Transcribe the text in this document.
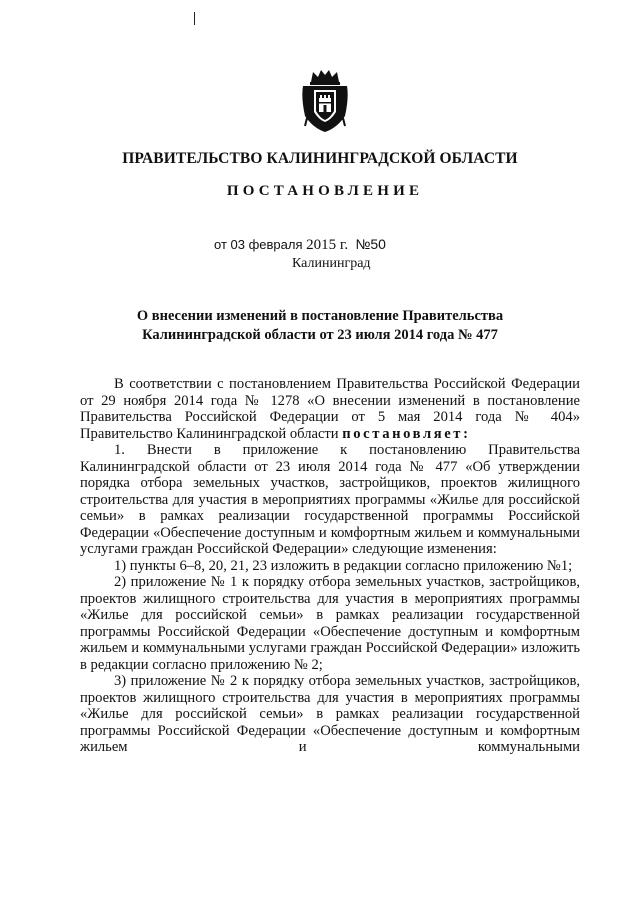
ПРАВИТЕЛЬСТВО КАЛИНИНГРАДСКОЙ ОБЛАСТИ
ПОСТАНОВЛЕНИЕ
от 03 февраля 2015 г. №50
Калининград
О внесении изменений в постановление Правительства
Калининградской области от 23 июля 2014 года № 477

В соответствии с постановлением Правительства Российской Федерации от 29 ноября 2014 года № 1278 «О внесении изменений в постановление Правительства Российской Федерации от 5 мая 2014 года № 404» Правительство Калининградской области постановляет:

1. Внести в приложение к постановлению Правительства Калининградской области от 23 июля 2014 года № 477 «Об утверждении порядка отбора земельных участков, застройщиков, проектов жилищного строительства для участия в мероприятиях программы «Жилье для российской семьи» в рамках реализации государственной программы Российской Федерации «Обеспечение доступным и комфортным жильем и коммунальными услугами граждан Российской Федерации» следующие изменения:

1) пункты 6–8, 20, 21, 23 изложить в редакции согласно приложению №1;

2) приложение № 1 к порядку отбора земельных участков, застройщиков, проектов жилищного строительства для участия в мероприятиях программы «Жилье для российской семьи» в рамках реализации государственной программы Российской Федерации «Обеспечение доступным и комфортным жильем и коммунальными услугами граждан Российской Федерации» изложить в редакции согласно приложению № 2;

3) приложение № 2 к порядку отбора земельных участков, застройщиков, проектов жилищного строительства для участия в мероприятиях программы «Жилье для российской семьи» в рамках реализации государственной программы Российской Федерации «Обеспечение доступным и комфортным жильем и коммунальными
